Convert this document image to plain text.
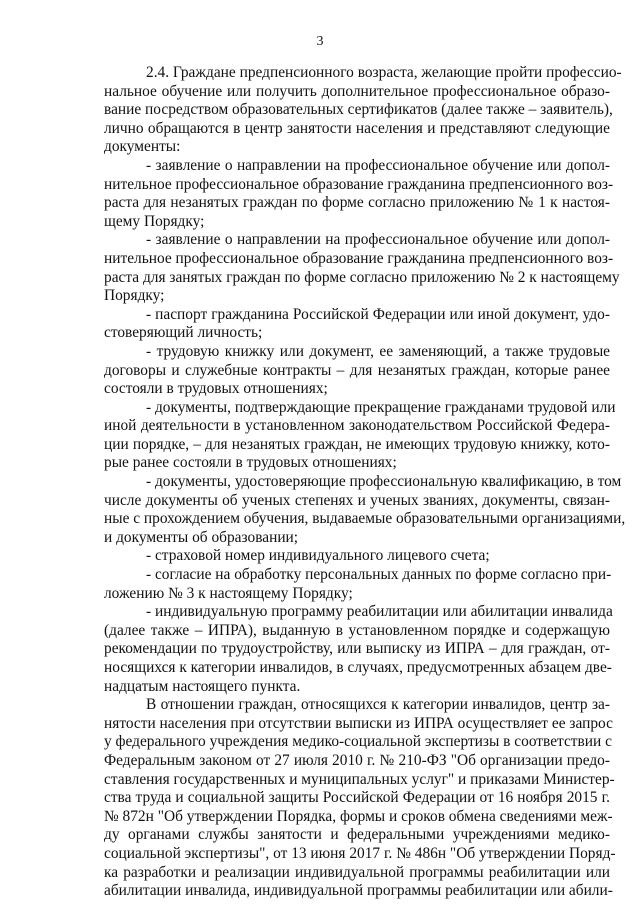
3
2.4. Граждане предпенсионного возраста, желающие пройти профессио-
нальное обучение или получить дополнительное профессиональное образо-
вание посредством образовательных сертификатов (далее также – заявитель),
лично обращаются в центр занятости населения и представляют следующие
документы:
- заявление о направлении на профессиональное обучение или допол-
нительное профессиональное образование гражданина предпенсионного воз-
раста для незанятых граждан по форме согласно приложению № 1 к настоя-
щему Порядку;
- заявление о направлении на профессиональное обучение или допол-
нительное профессиональное образование гражданина предпенсионного воз-
раста для занятых граждан по форме согласно приложению № 2 к настоящему
Порядку;
- паспорт гражданина Российской Федерации или иной документ, удо-
стоверяющий личность;
- трудовую книжку или документ, ее заменяющий, а также трудовые
договоры и служебные контракты – для незанятых граждан, которые ранее
состояли в трудовых отношениях;
- документы, подтверждающие прекращение гражданами трудовой или
иной деятельности в установленном законодательством Российской Федера-
ции порядке, – для незанятых граждан, не имеющих трудовую книжку, кото-
рые ранее состояли в трудовых отношениях;
- документы, удостоверяющие профессиональную квалификацию, в том
числе документы об ученых степенях и ученых званиях, документы, связан-
ные с прохождением обучения, выдаваемые образовательными организациями,
и документы об образовании;
- страховой номер индивидуального лицевого счета;
- согласие на обработку персональных данных по форме согласно при-
ложению № 3 к настоящему Порядку;
- индивидуальную программу реабилитации или абилитации инвалида
(далее также – ИПРА), выданную в установленном порядке и содержащую
рекомендации по трудоустройству, или выписку из ИПРА – для граждан, от-
носящихся к категории инвалидов, в случаях, предусмотренных абзацем две-
надцатым настоящего пункта.
В отношении граждан, относящихся к категории инвалидов, центр за-
нятости населения при отсутствии выписки из ИПРА осуществляет ее запрос
у федерального учреждения медико-социальной экспертизы в соответствии с
Федеральным законом от 27 июля 2010 г. № 210-ФЗ "Об организации предо-
ставления государственных и муниципальных услуг" и приказами Министер-
ства труда и социальной защиты Российской Федерации от 16 ноября 2015 г.
№ 872н "Об утверждении Порядка, формы и сроков обмена сведениями меж-
ду органами службы занятости и федеральными учреждениями медико-
социальной экспертизы", от 13 июня 2017 г. № 486н "Об утверждении Поряд-
ка разработки и реализации индивидуальной программы реабилитации или
абилитации инвалида, индивидуальной программы реабилитации или абили-
